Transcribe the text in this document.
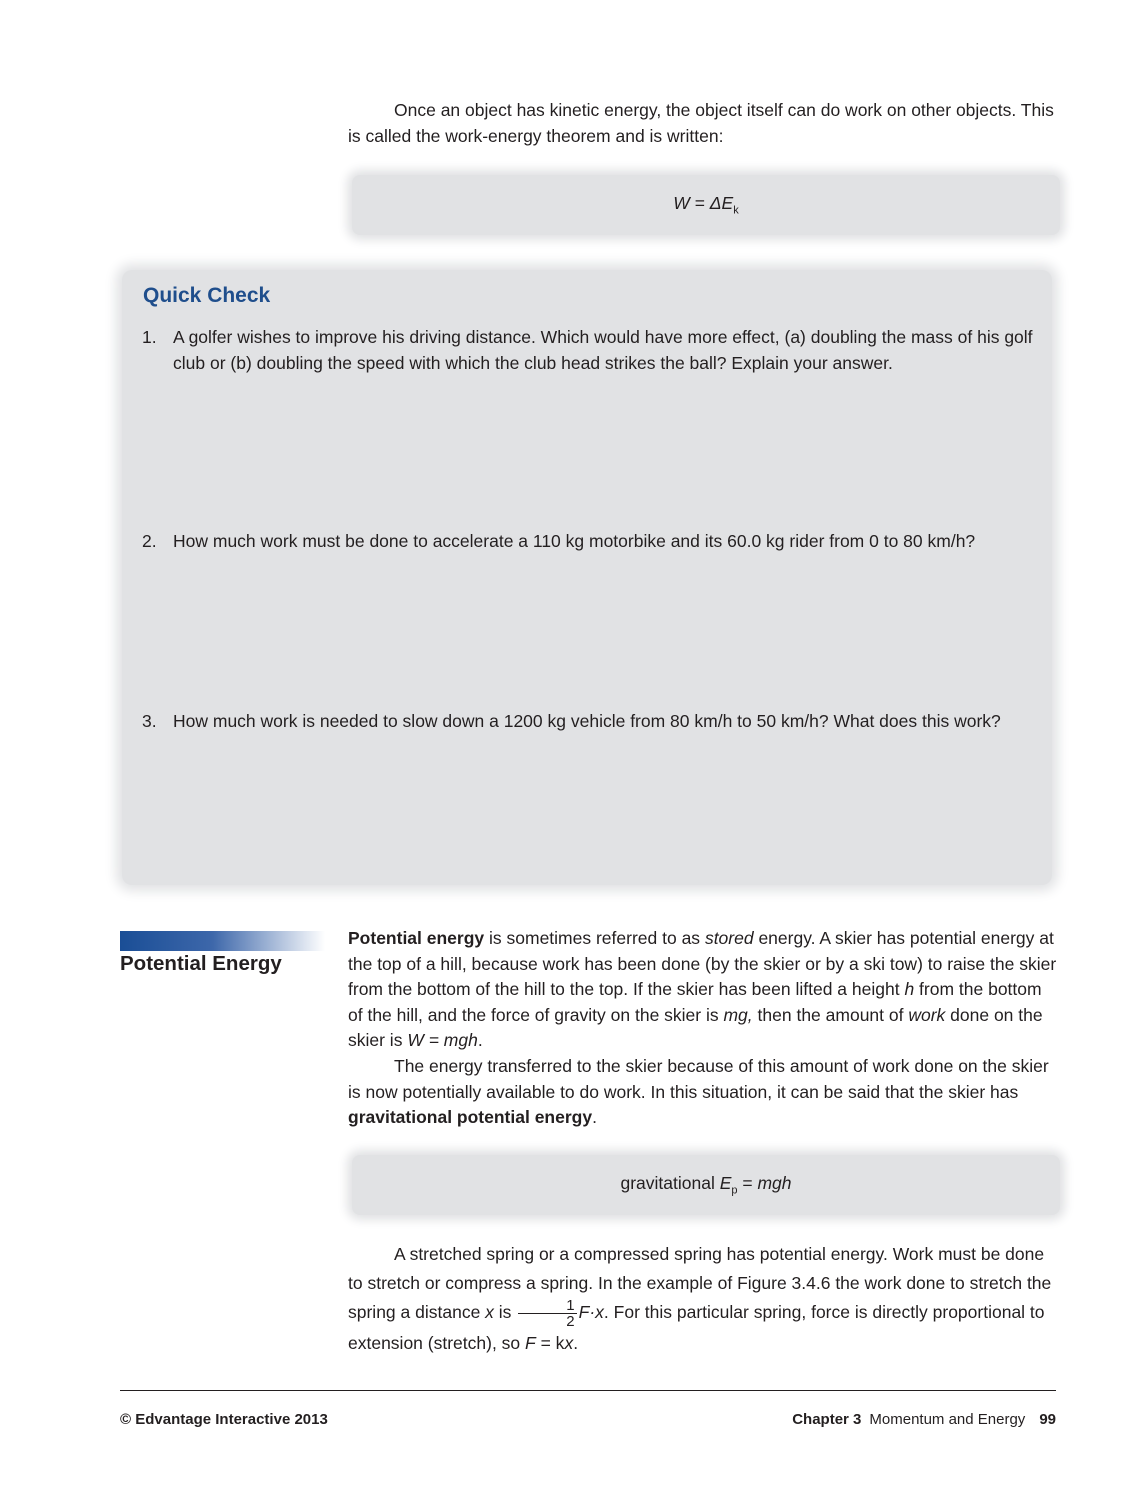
Once an object has kinetic energy, the object itself can do work on other objects. This is called the work-energy theorem and is written:

$W = \Delta E_k$
Quick Check
1. A golfer wishes to improve his driving distance. Which would have more effect, (a) doubling the mass of his golf club or (b) doubling the speed with which the club head strikes the ball? Explain your answer.
2. How much work must be done to accelerate a 110 kg motorbike and its 60.0 kg rider from 0 to 80 km/h?
3. How much work is needed to slow down a 1200 kg vehicle from 80 km/h to 50 km/h? What does this work?
Potential Energy

Potential energy is sometimes referred to as stored energy. A skier has potential energy at the top of a hill, because work has been done (by the skier or by a ski tow) to raise the skier from the bottom of the hill to the top. If the skier has been lifted a height h from the bottom of the hill, and the force of gravity on the skier is mg, then the amount of work done on the skier is W = mgh.

The energy transferred to the skier because of this amount of work done on the skier is now potentially available to do work. In this situation, it can be said that the skier has gravitational potential energy.

gravitational $E_p$ = mgh

A stretched spring or a compressed spring has potential energy. Work must be done to stretch or compress a spring. In the example of Figure 3.4.6 the work done to stretch the spring a distance x is $\frac{1}{2} F\cdot x$. For this particular spring, force is directly proportional to extension (stretch), so F = kx.

© Edvantage Interactive 2013	Chapter 3 Momentum and Energy 99
